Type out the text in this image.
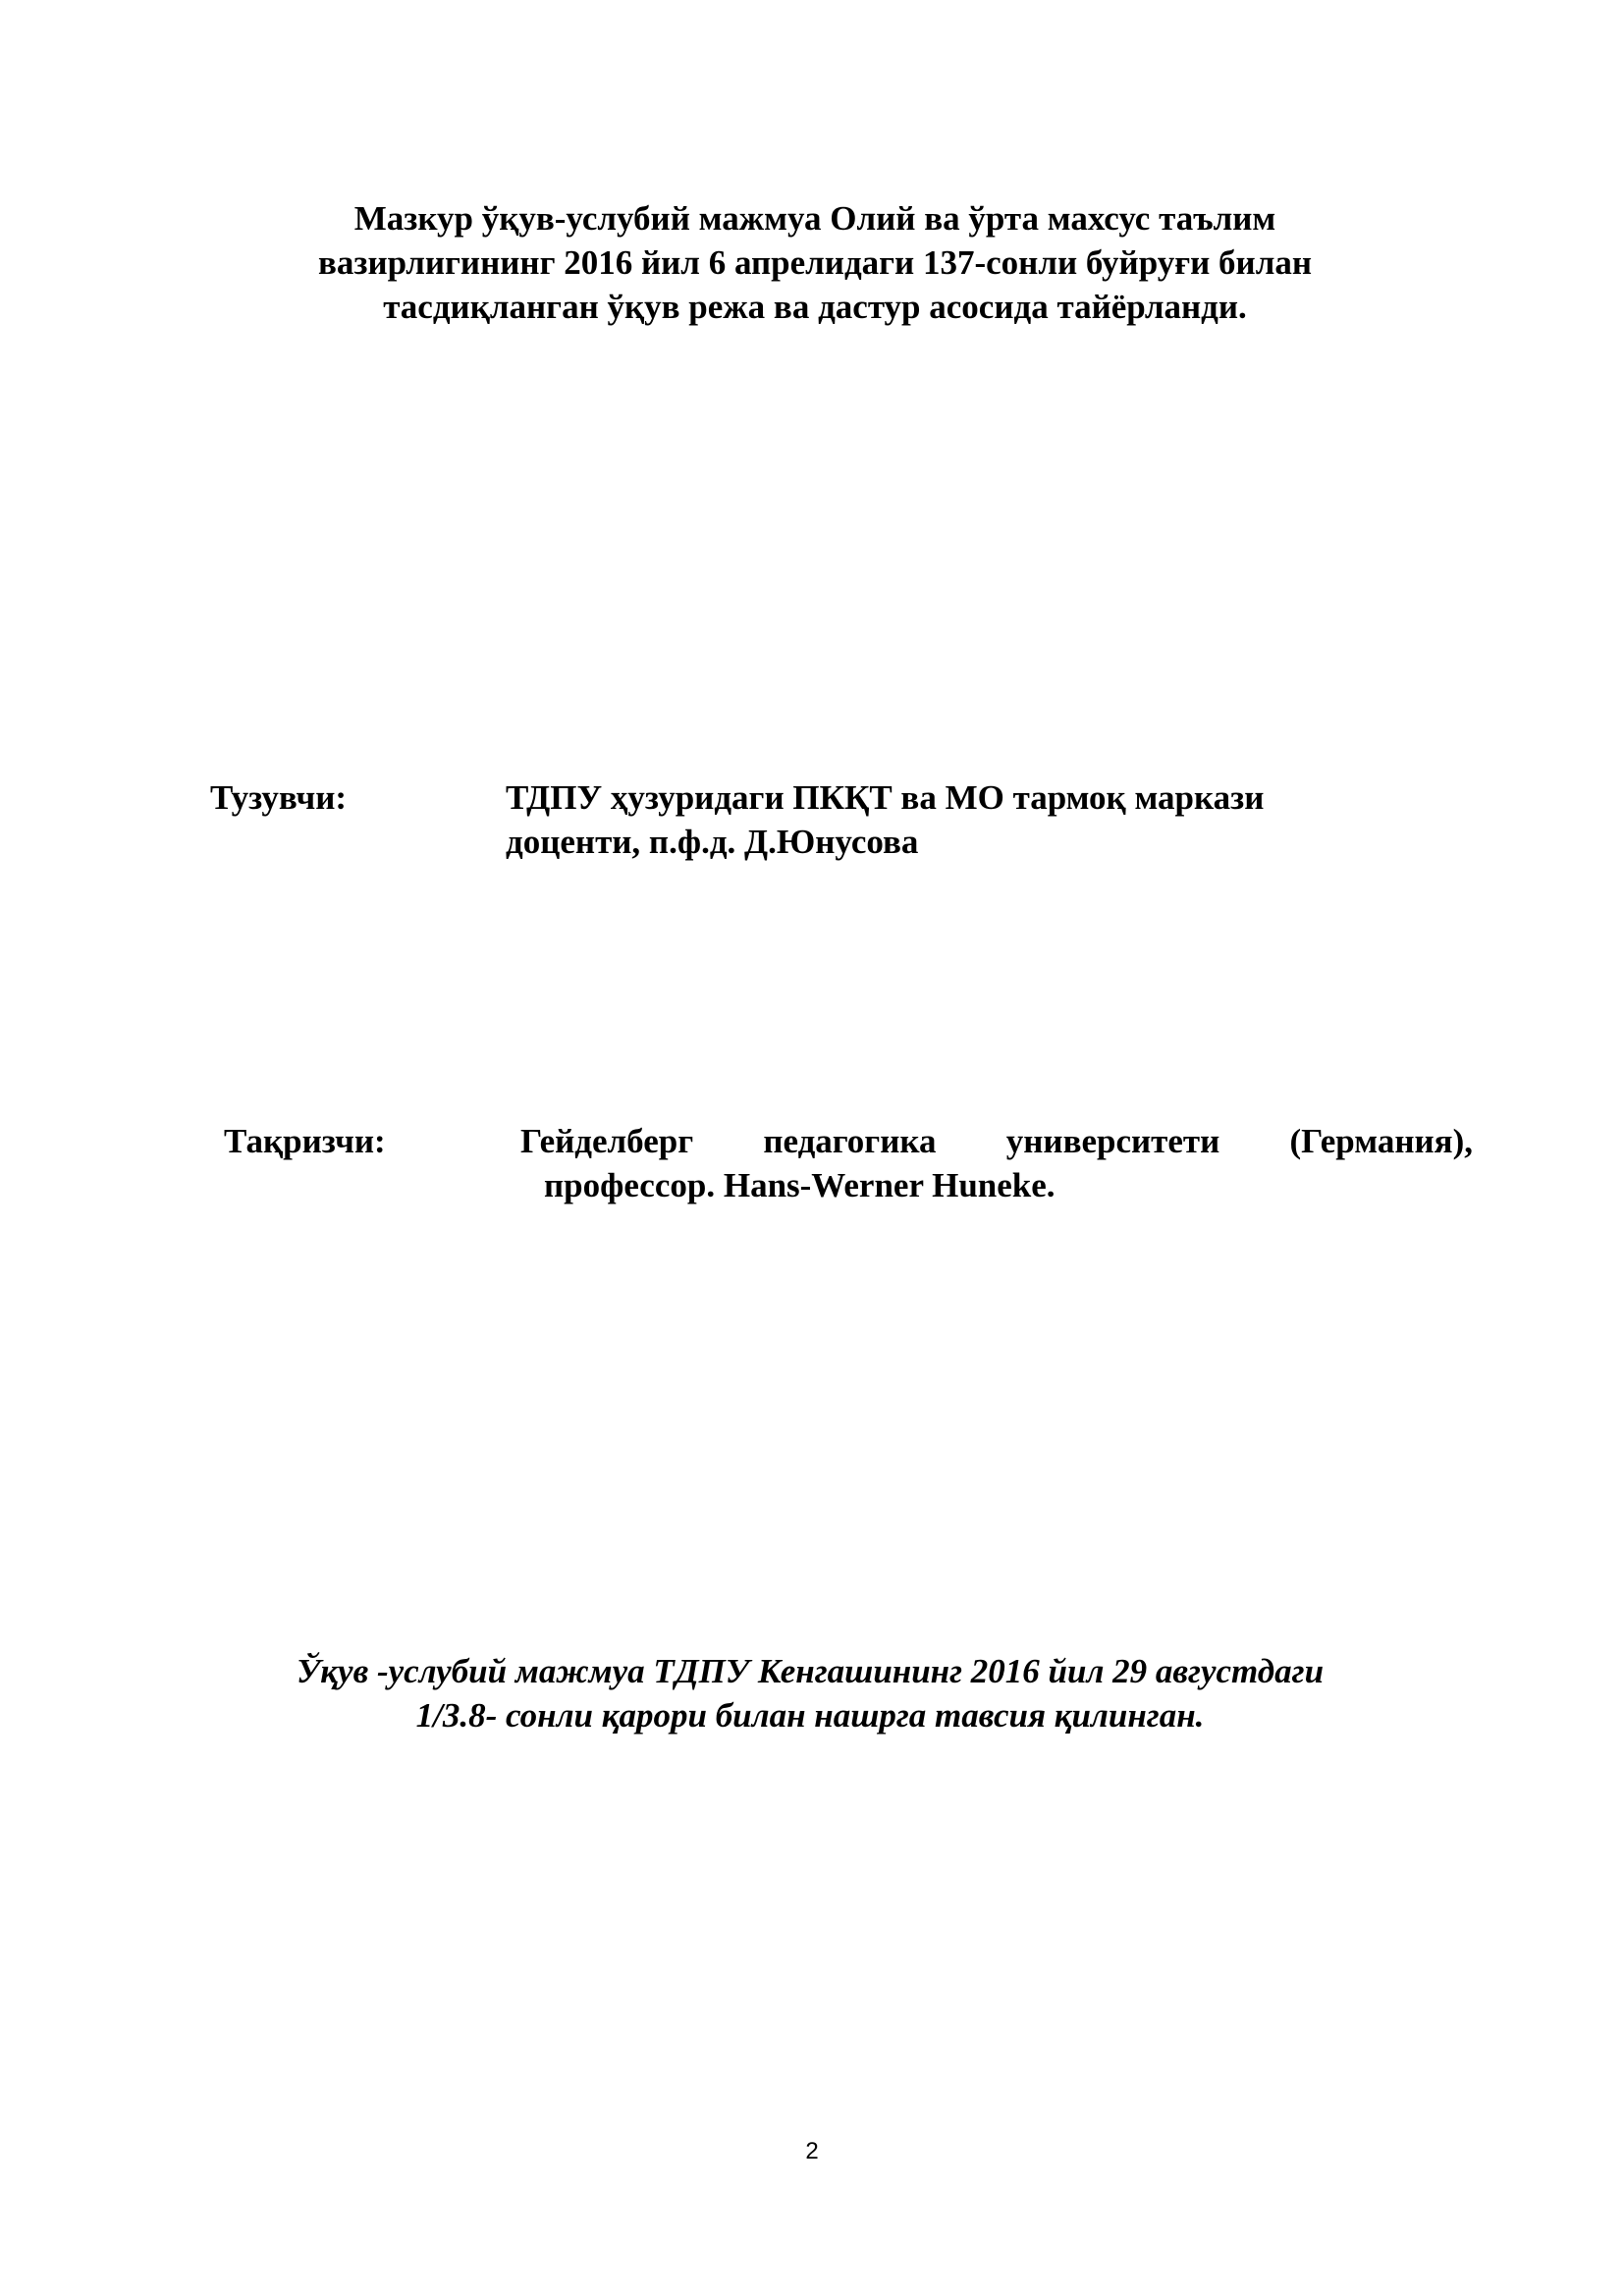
Мазкур ўқув-услубий мажмуа Олий ва ўрта махсус таълим
вазирлигининг 2016 йил 6 апрелидаги 137-сонли буйруғи билан
тасдиқланган ўқув режа ва дастур асосида тайёрланди.

Тузувчи:	ТДПУ ҳузуридаги ПКҚТ ва МО тармоқ маркази
доценти, п.ф.д. Д.Юнусова

Тақризчи:	Гейделберг педагогика университети (Германия),
профессор. Hans-Werner Huneke.

Ўқув -услубий мажмуа ТДПУ Кенгашининг 2016 йил 29 августдаги
1/3.8- сонли қарори билан нашрга тавсия қилинган.

2
